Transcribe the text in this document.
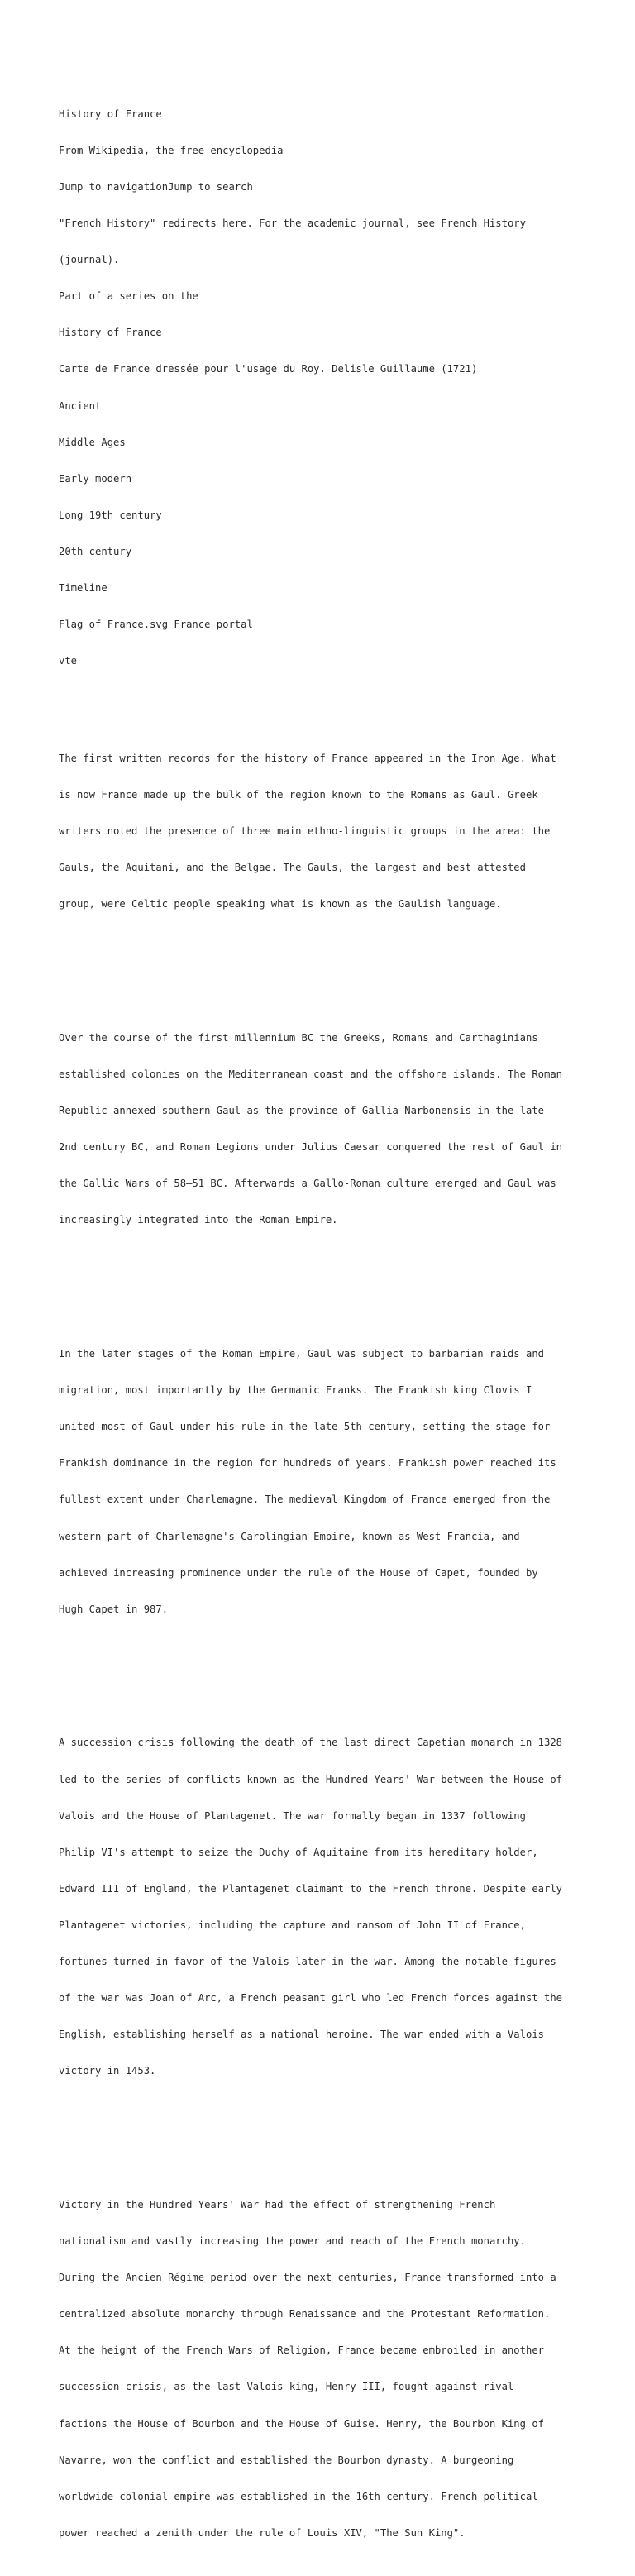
History of France

From Wikipedia, the free encyclopedia

Jump to navigationJump to search

"French History" redirects here. For the academic journal, see French History

(journal).

Part of a series on the

History of France

Carte de France dressée pour l'usage du Roy. Delisle Guillaume (1721)

Ancient

Middle Ages

Early modern

Long 19th century

20th century

Timeline

Flag of France.svg France portal

vte

The first written records for the history of France appeared in the Iron Age. What

is now France made up the bulk of the region known to the Romans as Gaul. Greek

writers noted the presence of three main ethno-linguistic groups in the area: the

Gauls, the Aquitani, and the Belgae. The Gauls, the largest and best attested

group, were Celtic people speaking what is known as the Gaulish language.

Over the course of the first millennium BC the Greeks, Romans and Carthaginians

established colonies on the Mediterranean coast and the offshore islands. The Roman

Republic annexed southern Gaul as the province of Gallia Narbonensis in the late

2nd century BC, and Roman Legions under Julius Caesar conquered the rest of Gaul in

the Gallic Wars of 58–51 BC. Afterwards a Gallo-Roman culture emerged and Gaul was

increasingly integrated into the Roman Empire.

In the later stages of the Roman Empire, Gaul was subject to barbarian raids and

migration, most importantly by the Germanic Franks. The Frankish king Clovis I

united most of Gaul under his rule in the late 5th century, setting the stage for

Frankish dominance in the region for hundreds of years. Frankish power reached its

fullest extent under Charlemagne. The medieval Kingdom of France emerged from the

western part of Charlemagne's Carolingian Empire, known as West Francia, and

achieved increasing prominence under the rule of the House of Capet, founded by

Hugh Capet in 987.

A succession crisis following the death of the last direct Capetian monarch in 1328

led to the series of conflicts known as the Hundred Years' War between the House of

Valois and the House of Plantagenet. The war formally began in 1337 following

Philip VI's attempt to seize the Duchy of Aquitaine from its hereditary holder,

Edward III of England, the Plantagenet claimant to the French throne. Despite early

Plantagenet victories, including the capture and ransom of John II of France,

fortunes turned in favor of the Valois later in the war. Among the notable figures

of the war was Joan of Arc, a French peasant girl who led French forces against the

English, establishing herself as a national heroine. The war ended with a Valois

victory in 1453.

Victory in the Hundred Years' War had the effect of strengthening French

nationalism and vastly increasing the power and reach of the French monarchy.

During the Ancien Régime period over the next centuries, France transformed into a

centralized absolute monarchy through Renaissance and the Protestant Reformation.

At the height of the French Wars of Religion, France became embroiled in another

succession crisis, as the last Valois king, Henry III, fought against rival

factions the House of Bourbon and the House of Guise. Henry, the Bourbon King of

Navarre, won the conflict and established the Bourbon dynasty. A burgeoning

worldwide colonial empire was established in the 16th century. French political

power reached a zenith under the rule of Louis XIV, "The Sun King".
